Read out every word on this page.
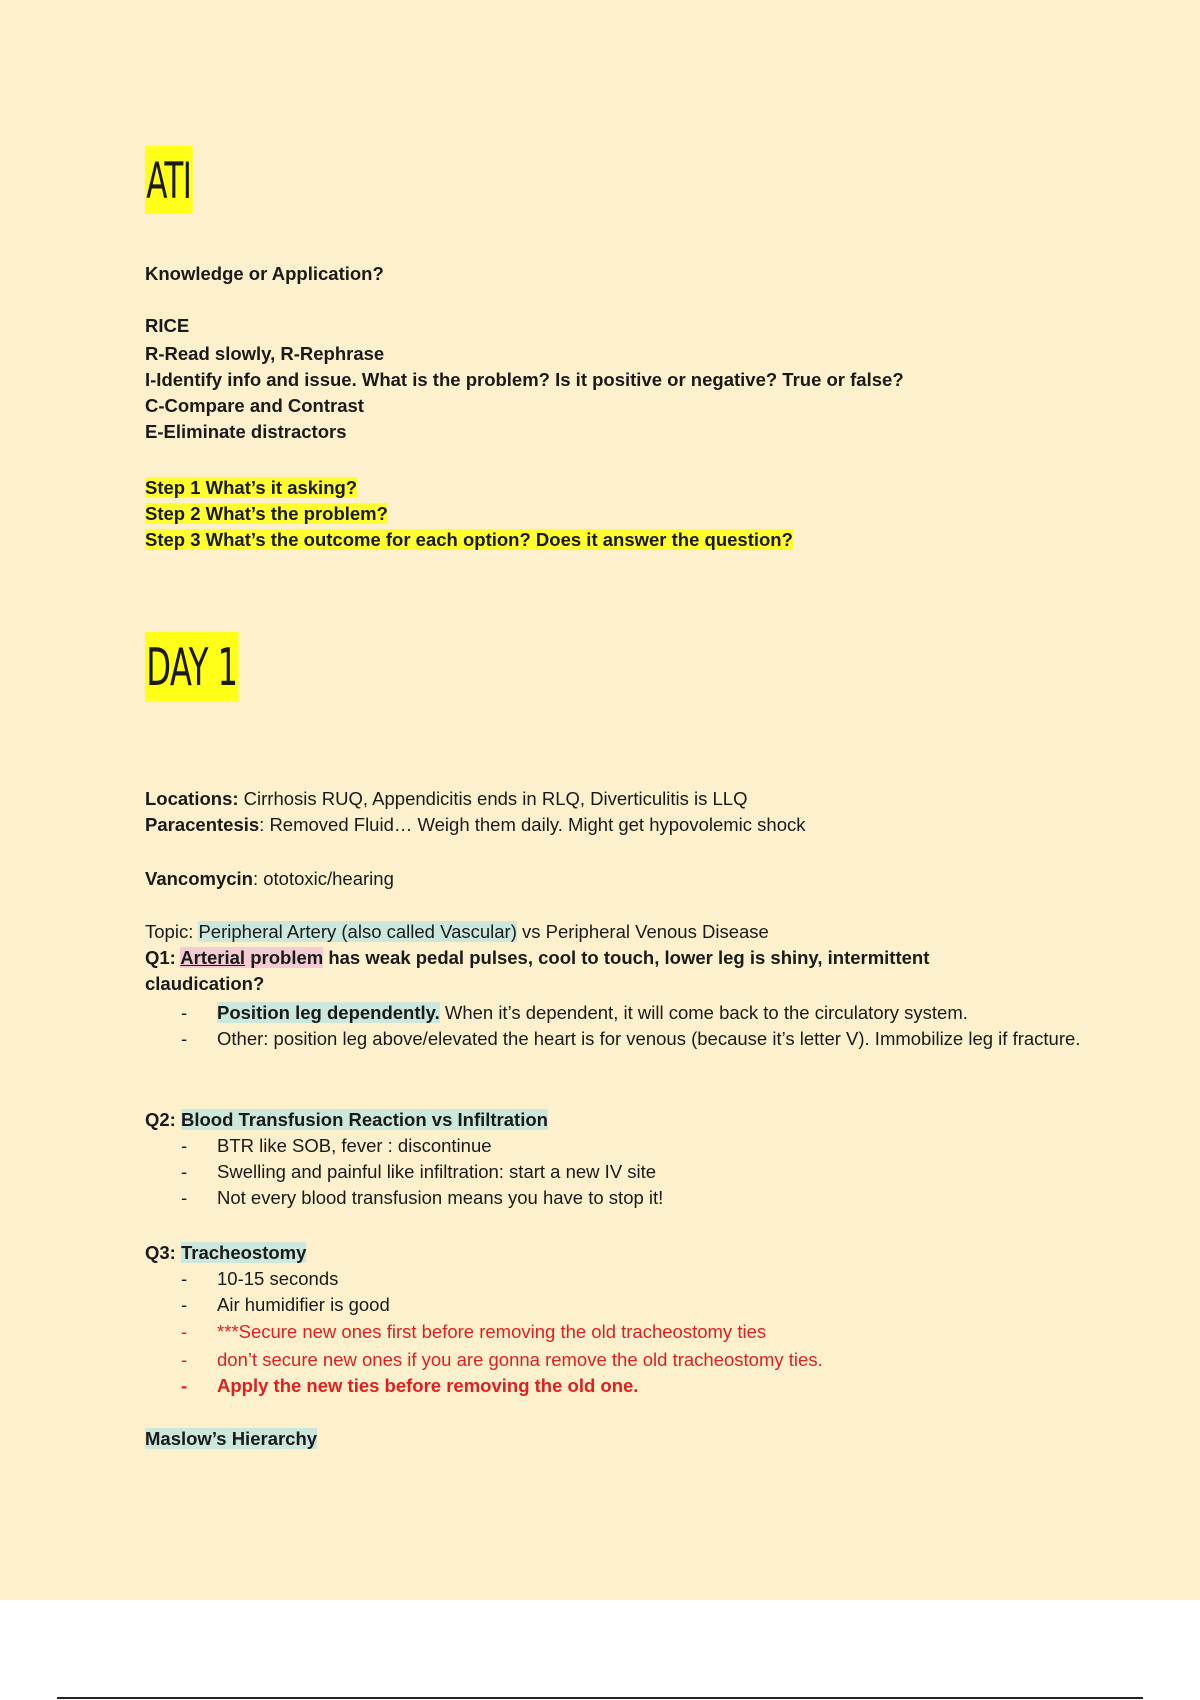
ATI
Knowledge or Application?
RICE
R-Read slowly, R-Rephrase
I-Identify info and issue. What is the problem? Is it positive or negative? True or false?
C-Compare and Contrast
E-Eliminate distractors
Step 1 What’s it asking?
Step 2 What’s the problem?
Step 3 What’s the outcome for each option? Does it answer the question?
DAY 1
Locations: Cirrhosis RUQ, Appendicitis ends in RLQ, Diverticulitis is LLQ
Paracentesis: Removed Fluid… Weigh them daily. Might get hypovolemic shock
Vancomycin: ototoxic/hearing
Topic: Peripheral Artery (also called Vascular) vs Peripheral Venous Disease
Q1: Arterial problem has weak pedal pulses, cool to touch, lower leg is shiny, intermittent
claudication?
- Position leg dependently. When it’s dependent, it will come back to the circulatory system.
- Other: position leg above/elevated the heart is for venous (because it’s letter V). Immobilize leg if fracture.
Q2: Blood Transfusion Reaction vs Infiltration
- BTR like SOB, fever : discontinue
- Swelling and painful like infiltration: start a new IV site
- Not every blood transfusion means you have to stop it!
Q3: Tracheostomy
- 10-15 seconds
- Air humidifier is good
- ***Secure new ones first before removing the old tracheostomy ties
- don’t secure new ones if you are gonna remove the old tracheostomy ties.
- Apply the new ties before removing the old one.
Maslow’s Hierarchy
